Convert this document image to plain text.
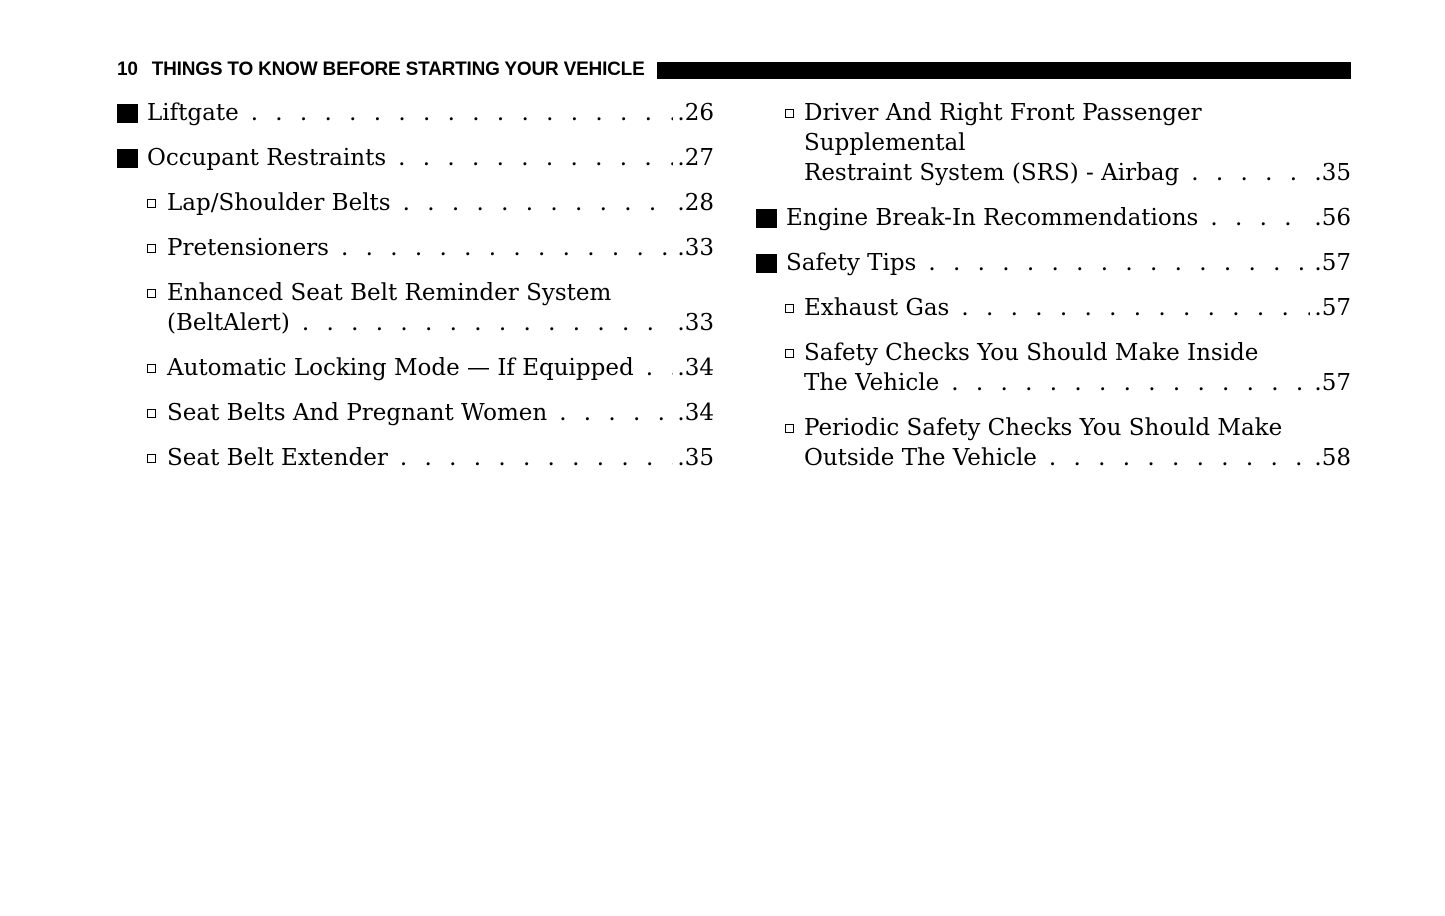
10 THINGS TO KNOW BEFORE STARTING YOUR VEHICLE
Liftgate . . .	.26
Occupant Restraints . . .	.27
Lap/Shoulder Belts . . .	.28
Pretensioners . . .	.33
Enhanced Seat Belt Reminder System
(BeltAlert) . . .	.33
Automatic Locking Mode — If Equipped . . . .34
Seat Belts And Pregnant Women . . .	.34
Seat Belt Extender . . .	.35
Driver And Right Front Passenger Supplemental
Restraint System (SRS) - Airbag . . .	.35
Engine Break-In Recommendations . . .	.56
Safety Tips . . .	.57
Exhaust Gas . . .	.57
Safety Checks You Should Make Inside
The Vehicle . . .	.57
Periodic Safety Checks You Should Make
Outside The Vehicle . . .	.58
